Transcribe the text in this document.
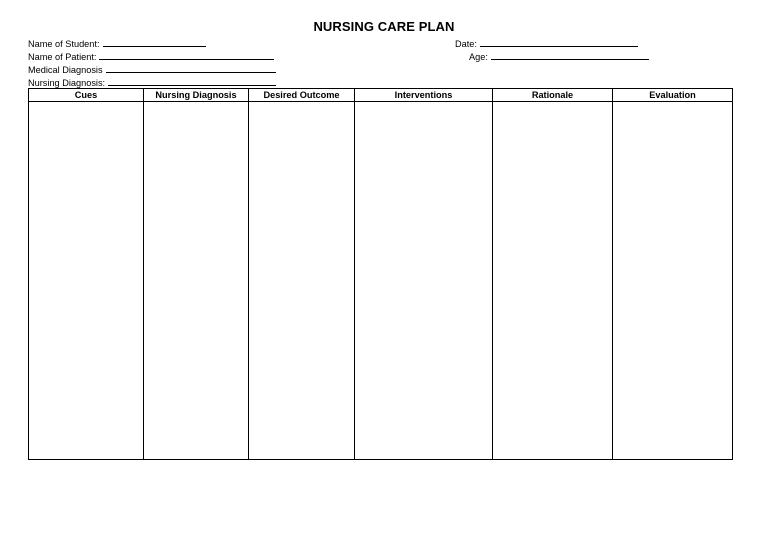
NURSING CARE PLAN
Name of Student:
Name of Patient:
Medical Diagnosis
Nursing Diagnosis:
Date:
Age:
Cues	Nursing Diagnosis	Desired Outcome	Interventions	Rationale	Evaluation
